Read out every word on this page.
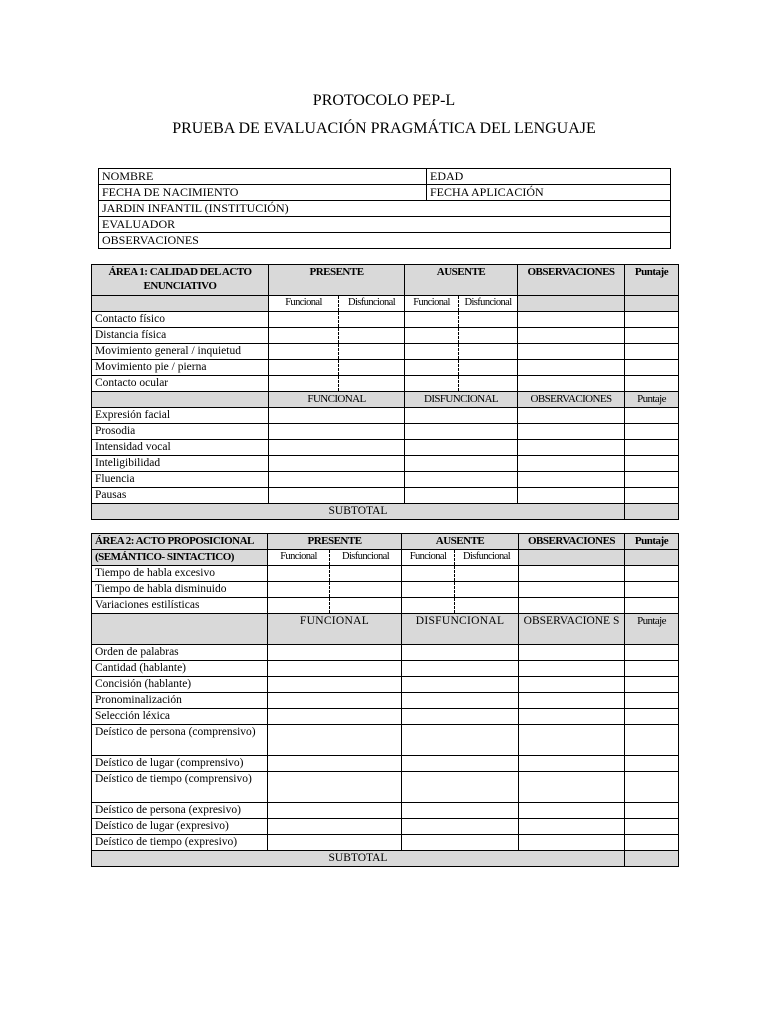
PROTOCOLO PEP-L
PRUEBA DE EVALUACIÓN PRAGMÁTICA DEL LENGUAJE
NOMBRE	EDAD
FECHA DE NACIMIENTO	FECHA APLICACIÓN
JARDIN INFANTIL (INSTITUCIÓN)	
EVALUADOR	
OBSERVACIONES	
ÁREA 1: CALIDAD DEL ACTO
ENUNCIATIVO	PRESENTE		AUSENTE		OBSERVACIONES	Puntaje
	Funcional	Disfuncional	Funcional	Disfuncional		
Contacto físico						
Distancia física						
Movimiento general / inquietud						
Movimiento pie / pierna						
Contacto ocular						
	FUNCIONAL		DISFUNCIONAL		OBSERVACIONES	Puntaje
Expresión facial						
Prosodia						
Intensidad vocal						
Inteligibilidad						
Fluencia						
Pausas						
SUBTOTAL						
ÁREA 2: ACTO PROPOSICIONAL	PRESENTE		AUSENTE		OBSERVACIONES	Puntaje
(SEMÁNTICO- SINTACTICO)	Funcional	Disfuncional	Funcional	Disfuncional		
Tiempo de habla excesivo						
Tiempo de habla disminuido						
Variaciones estilísticas						
	FUNCIONAL		DISFUNCIONAL		OBSERVACIONE S	Puntaje
Orden de palabras						
Cantidad (hablante)						
Concisión (hablante)						
Pronominalización						
Selección léxica						
Deístico de persona (comprensivo)						
Deístico de lugar (comprensivo)						
Deístico de tiempo (comprensivo)						
Deístico de persona (expresivo)						
Deístico de lugar (expresivo)						
Deístico de tiempo (expresivo)						
SUBTOTAL						
